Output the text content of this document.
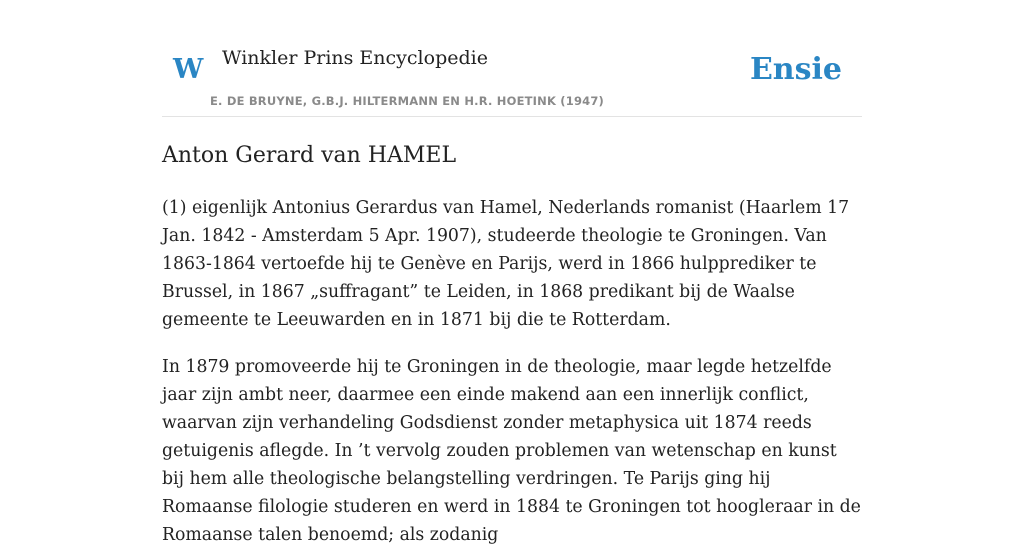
W Winkler Prins Encyclopedie
E. DE BRUYNE, G.B.J. HILTERMANN EN H.R. HOETINK (1947)
Ensie
Anton Gerard van HAMEL

(1) eigenlijk Antonius Gerardus van Hamel, Nederlands romanist (Haarlem 17 Jan. 1842 - Amsterdam 5 Apr. 1907), studeerde theologie te Groningen. Van 1863-1864 vertoefde hij te Genève en Parijs, werd in 1866 hulpprediker te Brussel, in 1867 „suffragant” te Leiden, in 1868 predikant bij de Waalse gemeente te Leeuwarden en in 1871 bij die te Rotterdam.

In 1879 promoveerde hij te Groningen in de theologie, maar legde hetzelfde jaar zijn ambt neer, daarmee een einde makend aan een innerlijk conflict, waarvan zijn verhandeling Godsdienst zonder metaphysica uit 1874 reeds getuigenis aflegde. In ’t vervolg zouden problemen van wetenschap en kunst bij hem alle theologische belangstelling verdringen. Te Parijs ging hij Romaanse filologie studeren en werd in 1884 te Groningen tot hoogleraar in de Romaanse talen benoemd; als zodanig
